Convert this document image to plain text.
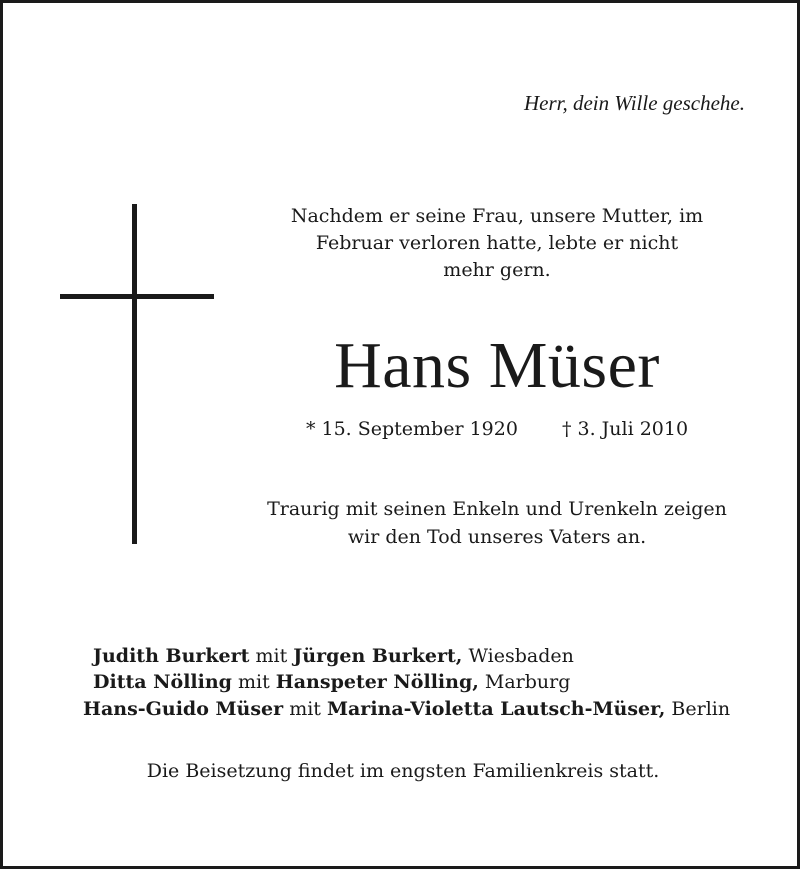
Herr, dein Wille geschehe.
Nachdem er seine Frau, unsere Mutter, im
Februar verloren hatte, lebte er nicht
mehr gern.
Hans Müser
* 15. September 1920 † 3. Juli 2010
Traurig mit seinen Enkeln und Urenkeln zeigen
wir den Tod unseres Vaters an.
Judith Burkert mit Jürgen Burkert, Wiesbaden
Ditta Nölling mit Hanspeter Nölling, Marburg
Hans-Guido Müser mit Marina-Violetta Lautsch-Müser, Berlin
Die Beisetzung findet im engsten Familienkreis statt.
